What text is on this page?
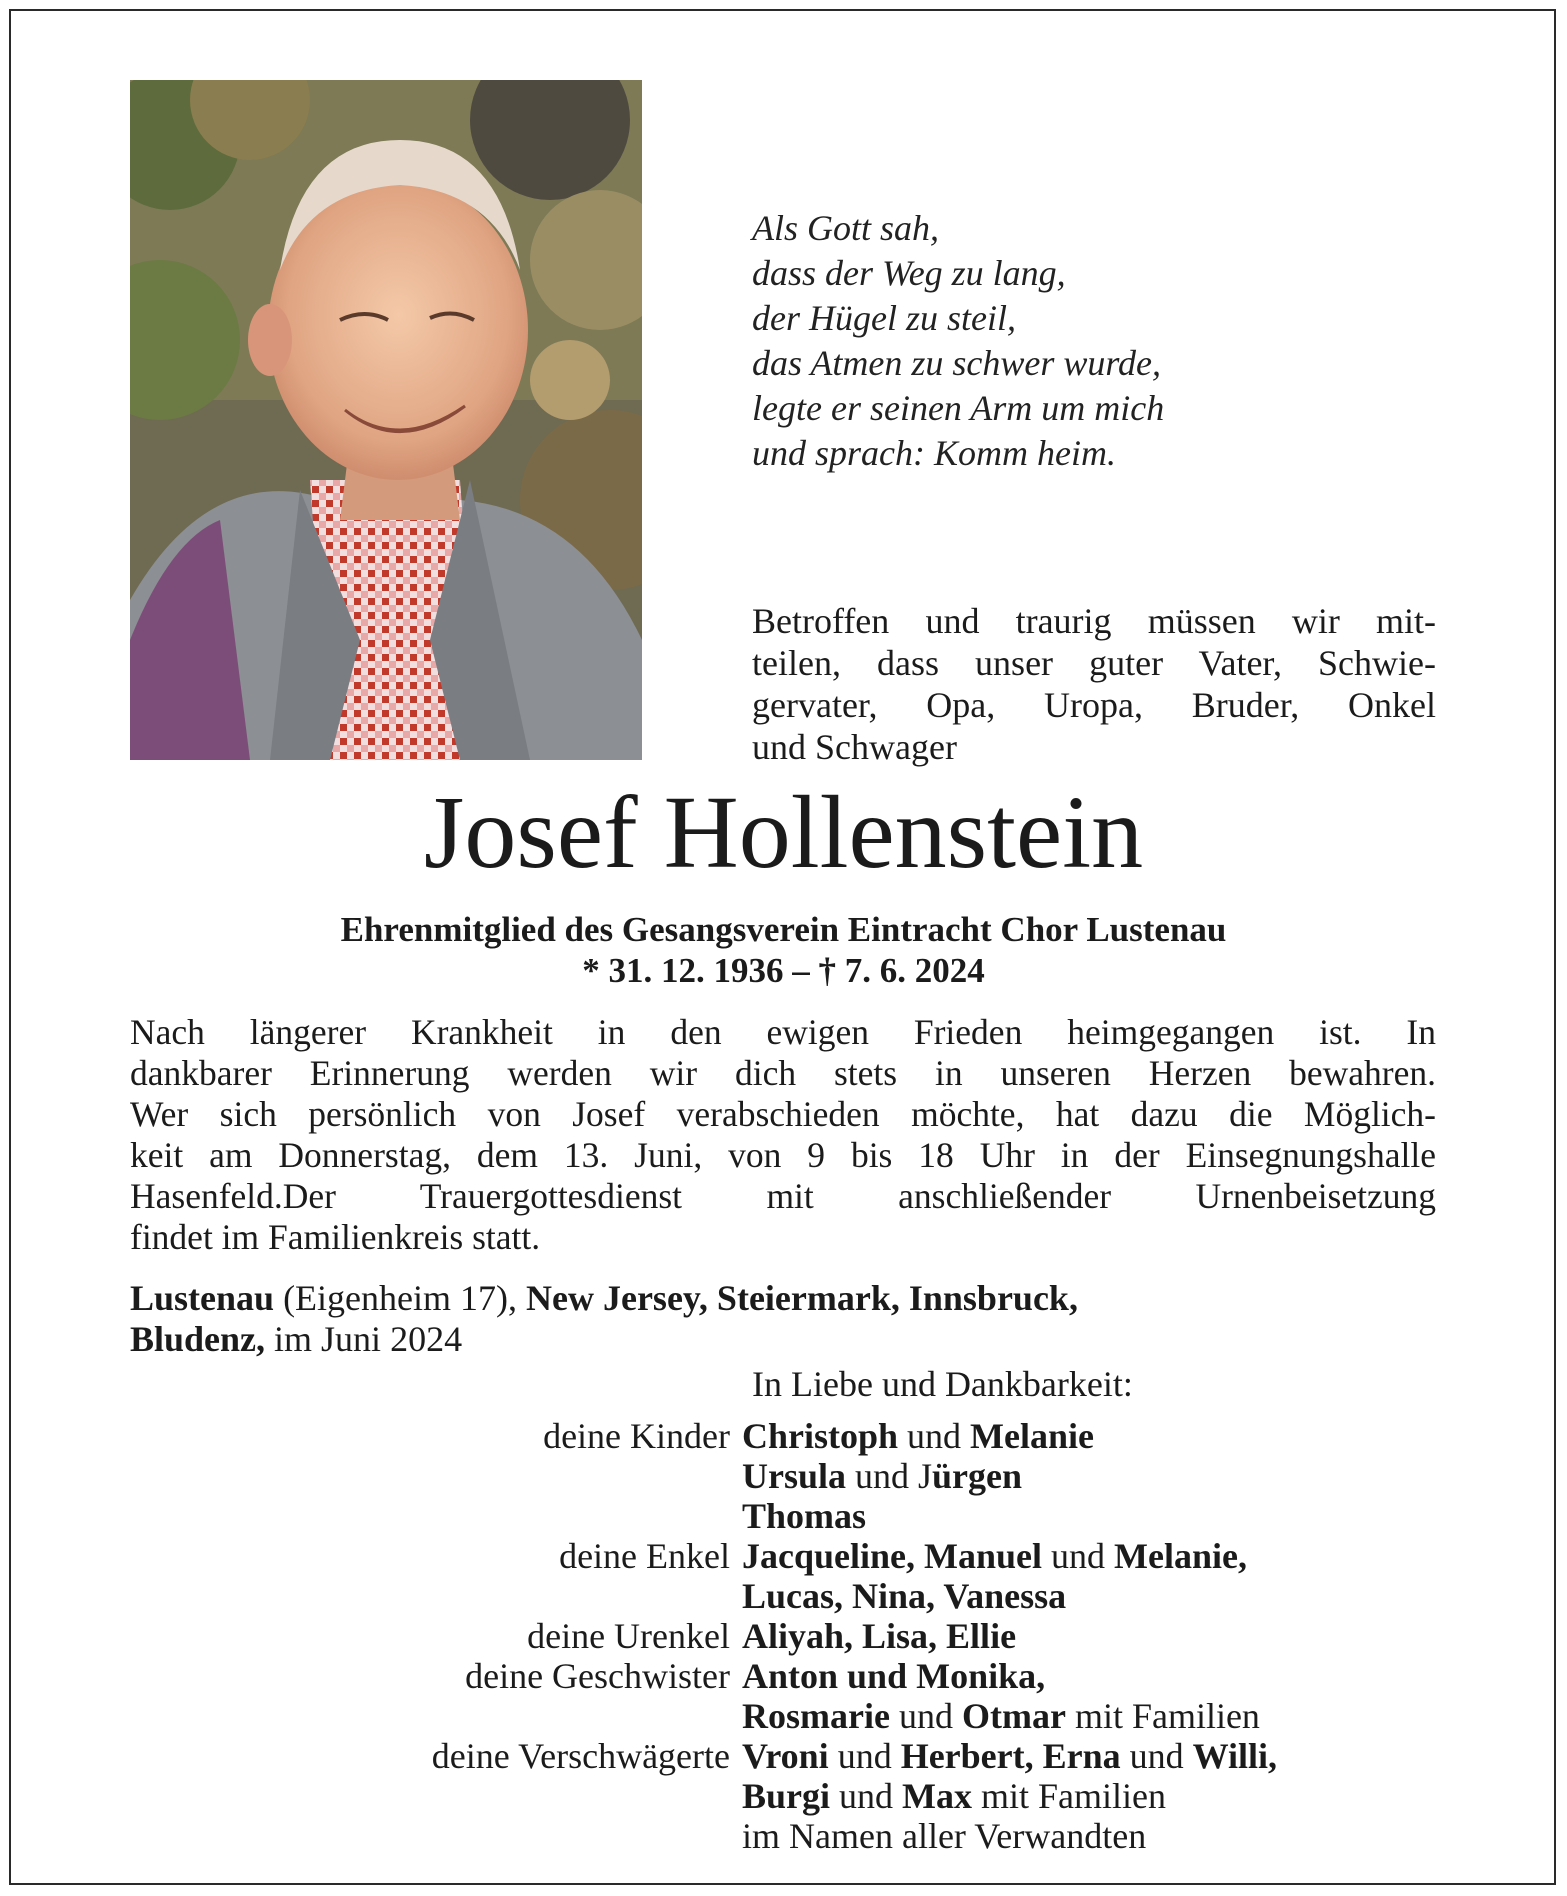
Als Gott sah,
dass der Weg zu lang,
der Hügel zu steil,
das Atmen zu schwer wurde,
legte er seinen Arm um mich
und sprach: Komm heim.
Betroffen und traurig müssen wir mit-
teilen, dass unser guter Vater, Schwie-
gervater, Opa, Uropa, Bruder, Onkel
und Schwager
Josef Hollenstein
Ehrenmitglied des Gesangsverein Eintracht Chor Lustenau
* 31. 12. 1936 – † 7. 6. 2024
Nach längerer Krankheit in den ewigen Frieden heimgegangen ist. In
dankbarer Erinnerung werden wir dich stets in unseren Herzen bewahren.
Wer sich persönlich von Josef verabschieden möchte, hat dazu die Möglich-
keit am Donnerstag, dem 13. Juni, von 9 bis 18 Uhr in der Einsegnungshalle
Hasenfeld.Der Trauergottesdienst mit anschließender Urnenbeisetzung
findet im Familienkreis statt.
Lustenau (Eigenheim 17), New Jersey, Steiermark, Innsbruck,
Bludenz, im Juni 2024
In Liebe und Dankbarkeit:
deine Kinder Christoph und Melanie
Ursula und Jürgen
Thomas
deine Enkel Jacqueline, Manuel und Melanie,
Lucas, Nina, Vanessa
deine Urenkel Aliyah, Lisa, Ellie
deine Geschwister Anton und Monika,
Rosmarie und Otmar mit Familien
deine Verschwägerte Vroni und Herbert, Erna und Willi,
Burgi und Max mit Familien
im Namen aller Verwandten
